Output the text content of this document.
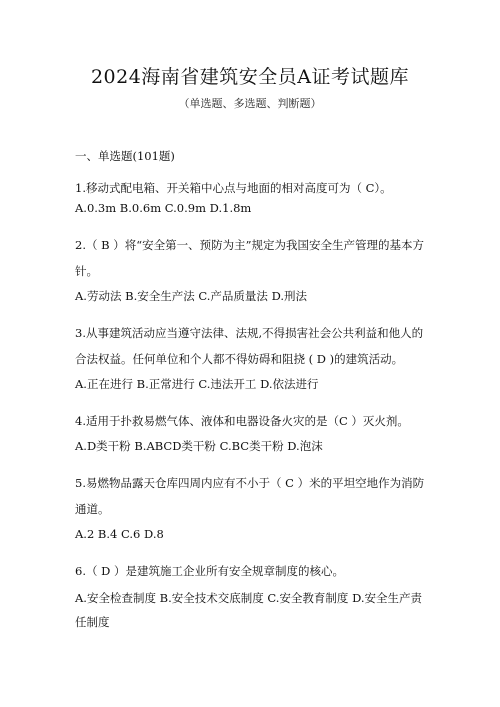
2024海南省建筑安全员A证考试题库
（单选题、多选题、判断题）
一、单选题(101题)

1.移动式配电箱、开关箱中心点与地面的相对高度可为（ C）。

A.0.3m B.0.6m C.0.9m D.1.8m

2.（ B ）将“安全第一、预防为主”规定为我国安全生产管理的基本方针。

A.劳动法 B.安全生产法 C.产品质量法 D.刑法

3.从事建筑活动应当遵守法律、法规,不得损害社会公共利益和他人的合法权益。任何单位和个人都不得妨碍和阻挠 ( D )的建筑活动。

A.正在进行 B.正常进行 C.违法开工 D.依法进行

4.适用于扑救易燃气体、液体和电器设备火灾的是（C ）灭火剂。

A.D类干粉 B.ABCD类干粉 C.BC类干粉 D.泡沫

5.易燃物品露天仓库四周内应有不小于（ C ）米的平坦空地作为消防通道。

A.2 B.4 C.6 D.8

6.（ D ）是建筑施工企业所有安全规章制度的核心。

A.安全检查制度 B.安全技术交底制度 C.安全教育制度 D.安全生产责任制度
